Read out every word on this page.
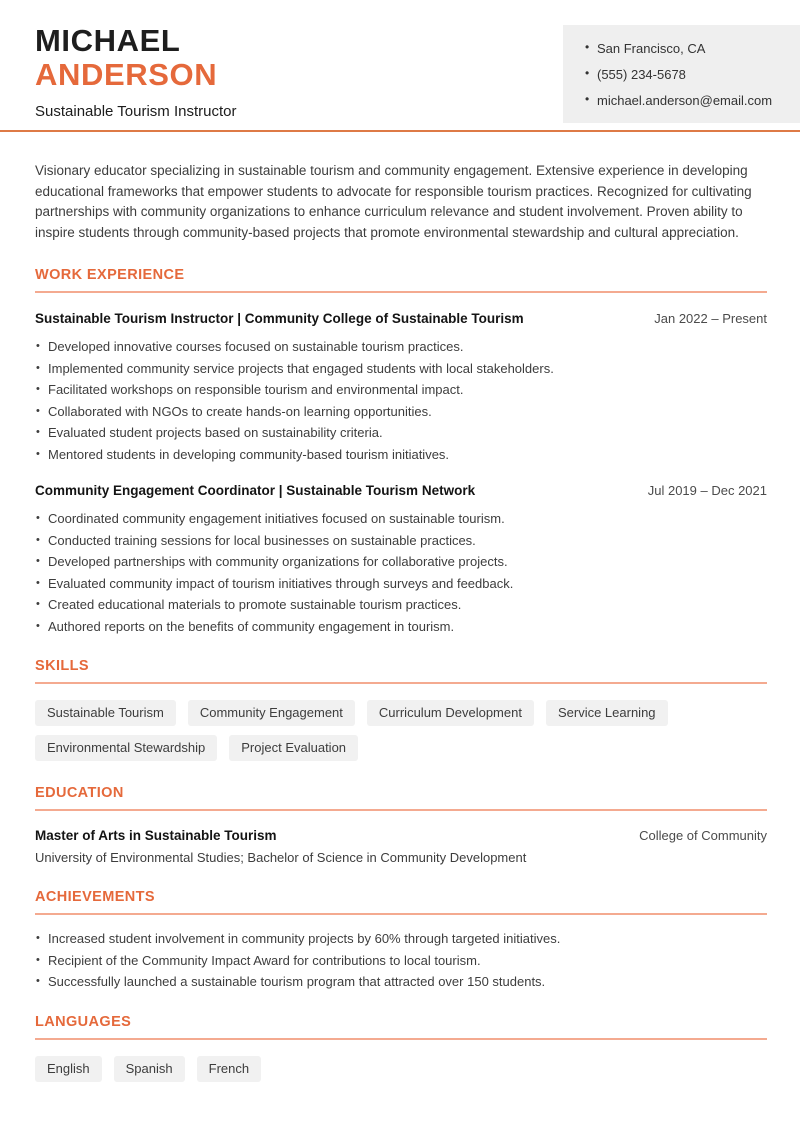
MICHAEL
ANDERSON
Sustainable Tourism Instructor
• San Francisco, CA
• (555) 234-5678
• michael.anderson@email.com

Visionary educator specializing in sustainable tourism and community engagement. Extensive experience in developing educational frameworks that empower students to advocate for responsible tourism practices. Recognized for cultivating partnerships with community organizations to enhance curriculum relevance and student involvement. Proven ability to inspire students through community-based projects that promote environmental stewardship and cultural appreciation.

WORK EXPERIENCE
Sustainable Tourism Instructor | Community College of Sustainable Tourism	Jan 2022 – Present
• Developed innovative courses focused on sustainable tourism practices.
• Implemented community service projects that engaged students with local stakeholders.
• Facilitated workshops on responsible tourism and environmental impact.
• Collaborated with NGOs to create hands-on learning opportunities.
• Evaluated student projects based on sustainability criteria.
• Mentored students in developing community-based tourism initiatives.
Community Engagement Coordinator | Sustainable Tourism Network	Jul 2019 – Dec 2021
• Coordinated community engagement initiatives focused on sustainable tourism.
• Conducted training sessions for local businesses on sustainable practices.
• Developed partnerships with community organizations for collaborative projects.
• Evaluated community impact of tourism initiatives through surveys and feedback.
• Created educational materials to promote sustainable tourism practices.
• Authored reports on the benefits of community engagement in tourism.
SKILLS
Sustainable Tourism	Community Engagement	Curriculum Development	Service Learning
Environmental Stewardship	Project Evaluation
EDUCATION
Master of Arts in Sustainable Tourism	College of Community
University of Environmental Studies; Bachelor of Science in Community Development
ACHIEVEMENTS
• Increased student involvement in community projects by 60% through targeted initiatives.
• Recipient of the Community Impact Award for contributions to local tourism.
• Successfully launched a sustainable tourism program that attracted over 150 students.
LANGUAGES
English	Spanish	French
